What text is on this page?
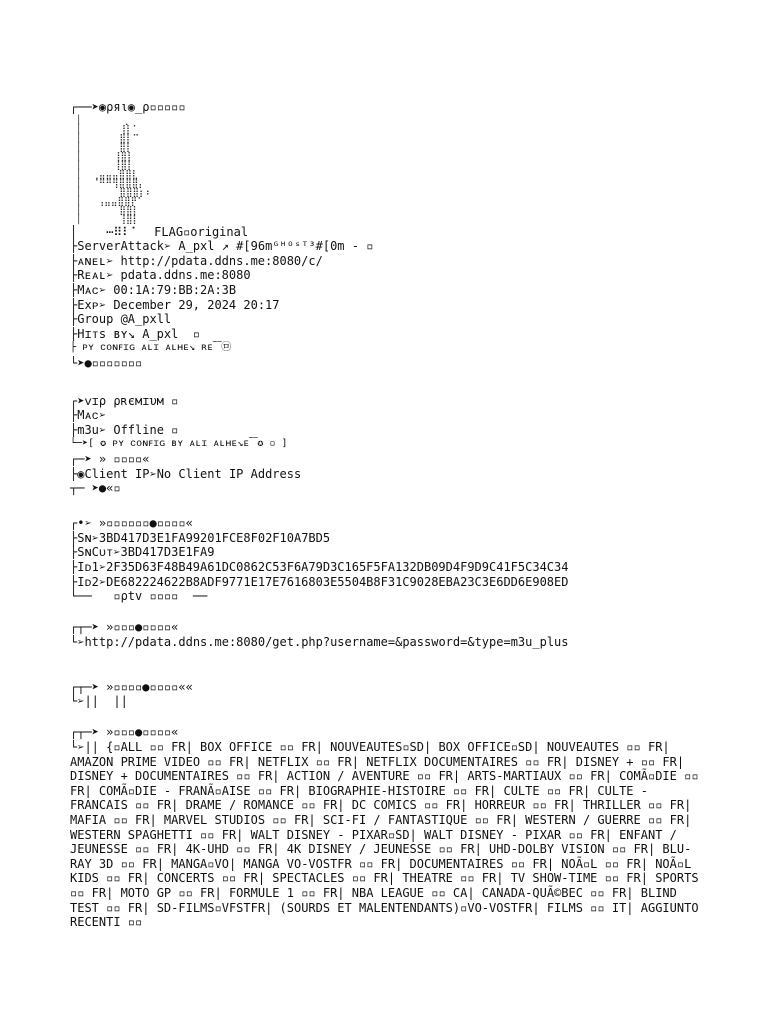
┌──➤◉ρяι◉_ρ▫▫▫▫▫
│        ⡀
│       ⢸⡇⠁
│       ⣿⡇⠉
│       ⣿⡇
│      ⢸⣿⡇
│      ⢸⣿⡇
│  ⢀⣤⣤⣤⣿⣿⣇
│  ⠈⠛⠛⢻⣿⣿⣿⡄
│       ⣿⣿⣿⡆⠆
│   ⢠⣤⣤⣿⣿⡟⠁
│       ⣿⣿⡇
│       ⢸⣿⡇
│    ⋯⠿⠇⠁  FLAG▫original
├ServerAttack➢ A_pxl ↗ #[96mᴳᴴᴼˢᵀ³#[0m - ▫
├ᴀɴᴇʟ➢ http://pdata.ddns.me:8080/c/
├Rᴇᴀʟ➢ pdata.ddns.me:8080
├Mᴀᴄ➢ 00:1A:79:BB:2A:3B
├Exᴘ➢ December 29, 2024 20:17
├Group @A_pxll
├Hɪᴛs ʙʏ↘ A_pxl  ▫
├ ᴘʏ ᴄᴏɴꜰɪɢ ᴀʟɪ ᴀʟʜᴇ↘ ʀᴇ⁀㉤
└➤●▫▫▫▫▫▫▫
┌➤ᴠɪρ ρʀємɪυм ▫
├Mᴀᴄ➢
├m3u➢ Offline ▫
└─➤[ ✪ ᴘʏ ᴄᴏɴꜰɪɢ ʙʏ ᴀʟɪ ᴀʟʜᴇ↘ᴇ⁀✪ ▫ ]
┌─➤ » ▫▫▫▫«
├◉Client IP➢No Client IP Address
┬─ ➤●«▫
┌•➢ »▫▫▫▫▫▫●▫▫▫▫«
├Sɴ➢3BD417D3E1FA99201FCE8F02F10A7BD5
├SɴCᴜᴛ➢3BD417D3E1FA9
├Iᴅ1➢2F35D63F48B49A61DC0862C53F6A79D3C165F5FA132DB09D4F9D9C41F5C34C34
├Iᴅ2➢DE682224622B8ADF9771E17E7616803E5504B8F31C9028EBA23C3E6DD6E908ED
└──   ▫ρtv ▫▫▫▫  ──
┌┬─➤ »▫▫▫●▫▫▫▫«
└➢http://pdata.ddns.me:8080/get.php?username=&password=&type=m3u_plus
┌┬─➤ »▫▫▫▫●▫▫▫▫««
└➢||  ||
┌┬─➤ »▫▫▫●▫▫▫▫«
└➢|| {▫ALL ▫▫ FR| BOX OFFICE ▫▫ FR| NOUVEAUTES▫SD| BOX OFFICE▫SD| NOUVEAUTES ▫▫ FR| AMAZON PRIME VIDEO ▫▫ FR| NETFLIX ▫▫ FR| NETFLIX DOCUMENTAIRES ▫▫ FR| DISNEY + ▫▫ FR| DISNEY + DOCUMENTAIRES ▫▫ FR| ACTION / AVENTURE ▫▫ FR| ARTS-MARTIAUX ▫▫ FR| COMÃ▫DIE ▫▫ FR| COMÃ▫DIE - FRANÃ▫AISE ▫▫ FR| BIOGRAPHIE-HISTOIRE ▫▫ FR| CULTE ▫▫ FR| CULTE - FRANCAIS ▫▫ FR| DRAME / ROMANCE ▫▫ FR| DC COMICS ▫▫ FR| HORREUR ▫▫ FR| THRILLER ▫▫ FR| MAFIA ▫▫ FR| MARVEL STUDIOS ▫▫ FR| SCI-FI / FANTASTIQUE ▫▫ FR| WESTERN / GUERRE ▫▫ FR| WESTERN SPAGHETTI ▫▫ FR| WALT DISNEY - PIXAR▫SD| WALT DISNEY - PIXAR ▫▫ FR| ENFANT / JEUNESSE ▫▫ FR| 4K-UHD ▫▫ FR| 4K DISNEY / JEUNESSE ▫▫ FR| UHD-DOLBY VISION ▫▫ FR| BLU-RAY 3D ▫▫ FR| MANGA▫VO| MANGA VO-VOSTFR ▫▫ FR| DOCUMENTAIRES ▫▫ FR| NOÃ▫L ▫▫ FR| NOÃ▫L KIDS ▫▫ FR| CONCERTS ▫▫ FR| SPECTACLES ▫▫ FR| THEATRE ▫▫ FR| TV SHOW-TIME ▫▫ FR| SPORTS ▫▫ FR| MOTO GP ▫▫ FR| FORMULE 1 ▫▫ FR| NBA LEAGUE ▫▫ CA| CANADA-QUÃ©BEC ▫▫ FR| BLIND TEST ▫▫ FR| SD-FILMS▫VFSTFR| (SOURDS ET MALENTENDANTS)▫VO-VOSTFR| FILMS ▫▫ IT| AGGIUNTO RECENTI ▫▫
